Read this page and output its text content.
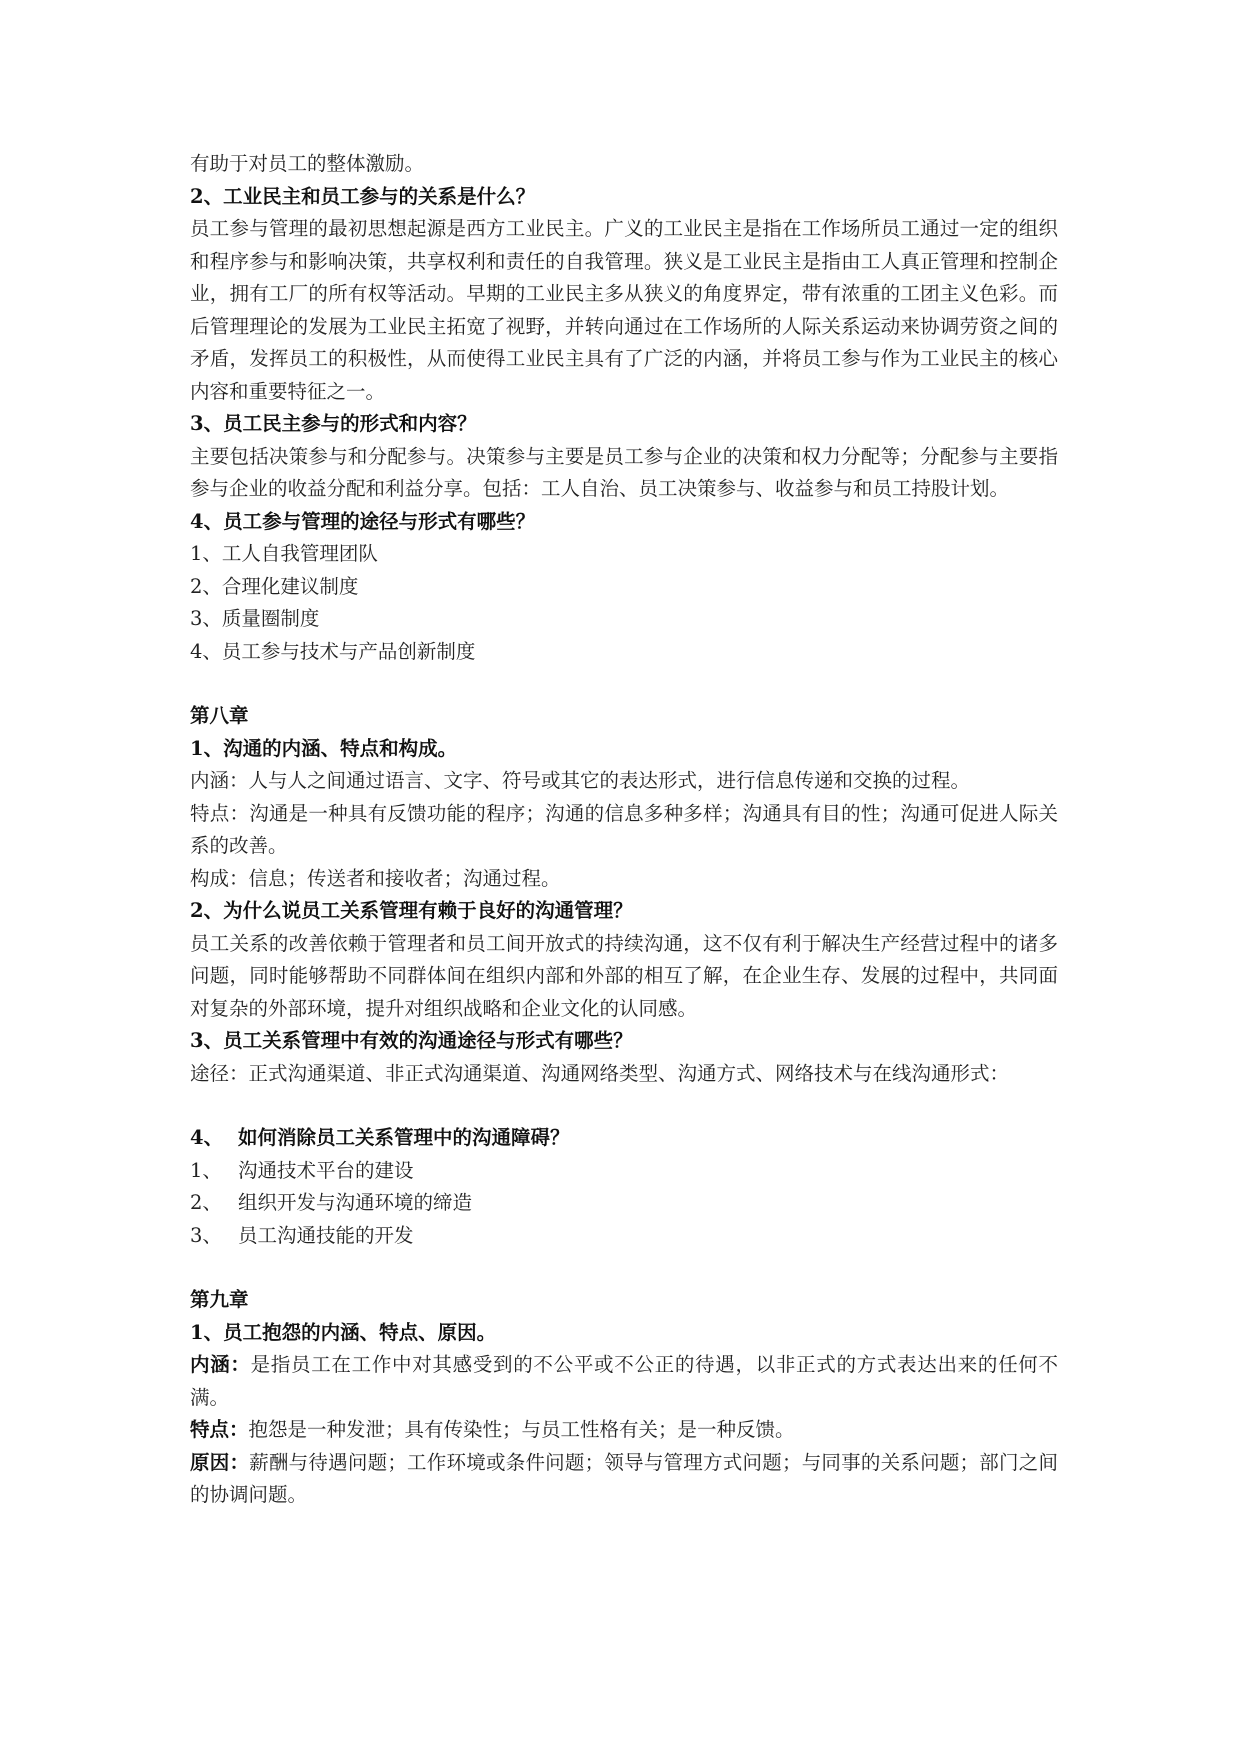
有助于对员工的整体激励。

2、工业民主和员工参与的关系是什么？

员工参与管理的最初思想起源是西方工业民主。广义的工业民主是指在工作场所员工通过一定的组织和程序参与和影响决策，共享权利和责任的自我管理。狭义是工业民主是指由工人真正管理和控制企业，拥有工厂的所有权等活动。早期的工业民主多从狭义的角度界定，带有浓重的工团主义色彩。而后管理理论的发展为工业民主拓宽了视野，并转向通过在工作场所的人际关系运动来协调劳资之间的矛盾，发挥员工的积极性，从而使得工业民主具有了广泛的内涵，并将员工参与作为工业民主的核心内容和重要特征之一。

3、员工民主参与的形式和内容？

主要包括决策参与和分配参与。决策参与主要是员工参与企业的决策和权力分配等；分配参与主要指参与企业的收益分配和利益分享。包括：工人自治、员工决策参与、收益参与和员工持股计划。

4、员工参与管理的途径与形式有哪些？

1、工人自我管理团队

2、合理化建议制度

3、质量圈制度

4、员工参与技术与产品创新制度

第八章

1、沟通的内涵、特点和构成。

内涵：人与人之间通过语言、文字、符号或其它的表达形式，进行信息传递和交换的过程。

特点：沟通是一种具有反馈功能的程序；沟通的信息多种多样；沟通具有目的性；沟通可促进人际关系的改善。

构成：信息；传送者和接收者；沟通过程。

2、为什么说员工关系管理有赖于良好的沟通管理？

员工关系的改善依赖于管理者和员工间开放式的持续沟通，这不仅有利于解决生产经营过程中的诸多问题，同时能够帮助不同群体间在组织内部和外部的相互了解，在企业生存、发展的过程中，共同面对复杂的外部环境，提升对组织战略和企业文化的认同感。

3、员工关系管理中有效的沟通途径与形式有哪些？

途径：正式沟通渠道、非正式沟通渠道、沟通网络类型、沟通方式、网络技术与在线沟通形式：

4、 如何消除员工关系管理中的沟通障碍？

1、 沟通技术平台的建设

2、 组织开发与沟通环境的缔造

3、 员工沟通技能的开发

第九章

1、员工抱怨的内涵、特点、原因。

内涵：是指员工在工作中对其感受到的不公平或不公正的待遇，以非正式的方式表达出来的任何不满。

特点：抱怨是一种发泄；具有传染性；与员工性格有关；是一种反馈。

原因：薪酬与待遇问题；工作环境或条件问题；领导与管理方式问题；与同事的关系问题；部门之间的协调问题。
